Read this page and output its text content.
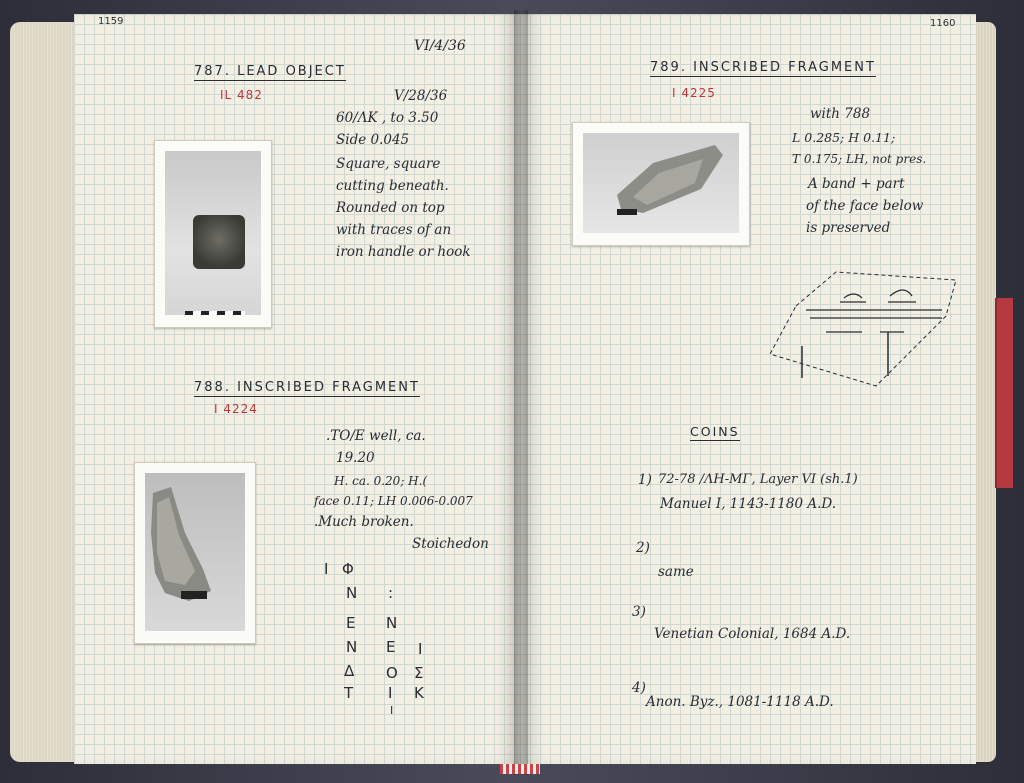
1159
VI/4/36
787. LEAD OBJECT
IL 482	V/28/36
60/ΛK , to 3.50
Side 0.045
Square, square
cutting beneath.
Rounded on top
with traces of an
iron handle or hook
788. INSCRIBED FRAGMENT
I 4224
.TO/E well, ca.
19.20
H. ca. 0.20; H.(
face 0.11; LH 0.006-0.007
.Much broken.
Stoichedon
I Φ
N
E
N
Δ
T
:
Ν
Ε
Ο
Ι
Ι
Σ
Κ
I
1160
789. INSCRIBED FRAGMENT
I 4225
with 788
L 0.285; H 0.11;
T 0.175; LH, not pres.
A band + part
of the face below
is preserved
COINS
1) 72-78 /ΛH-MΓ, Layer VI (sh.1)
Manuel I, 1143-1180 A.D.
2)
same
3)
Venetian Colonial, 1684 A.D.
4)
Anon. Byz., 1081-1118 A.D.
